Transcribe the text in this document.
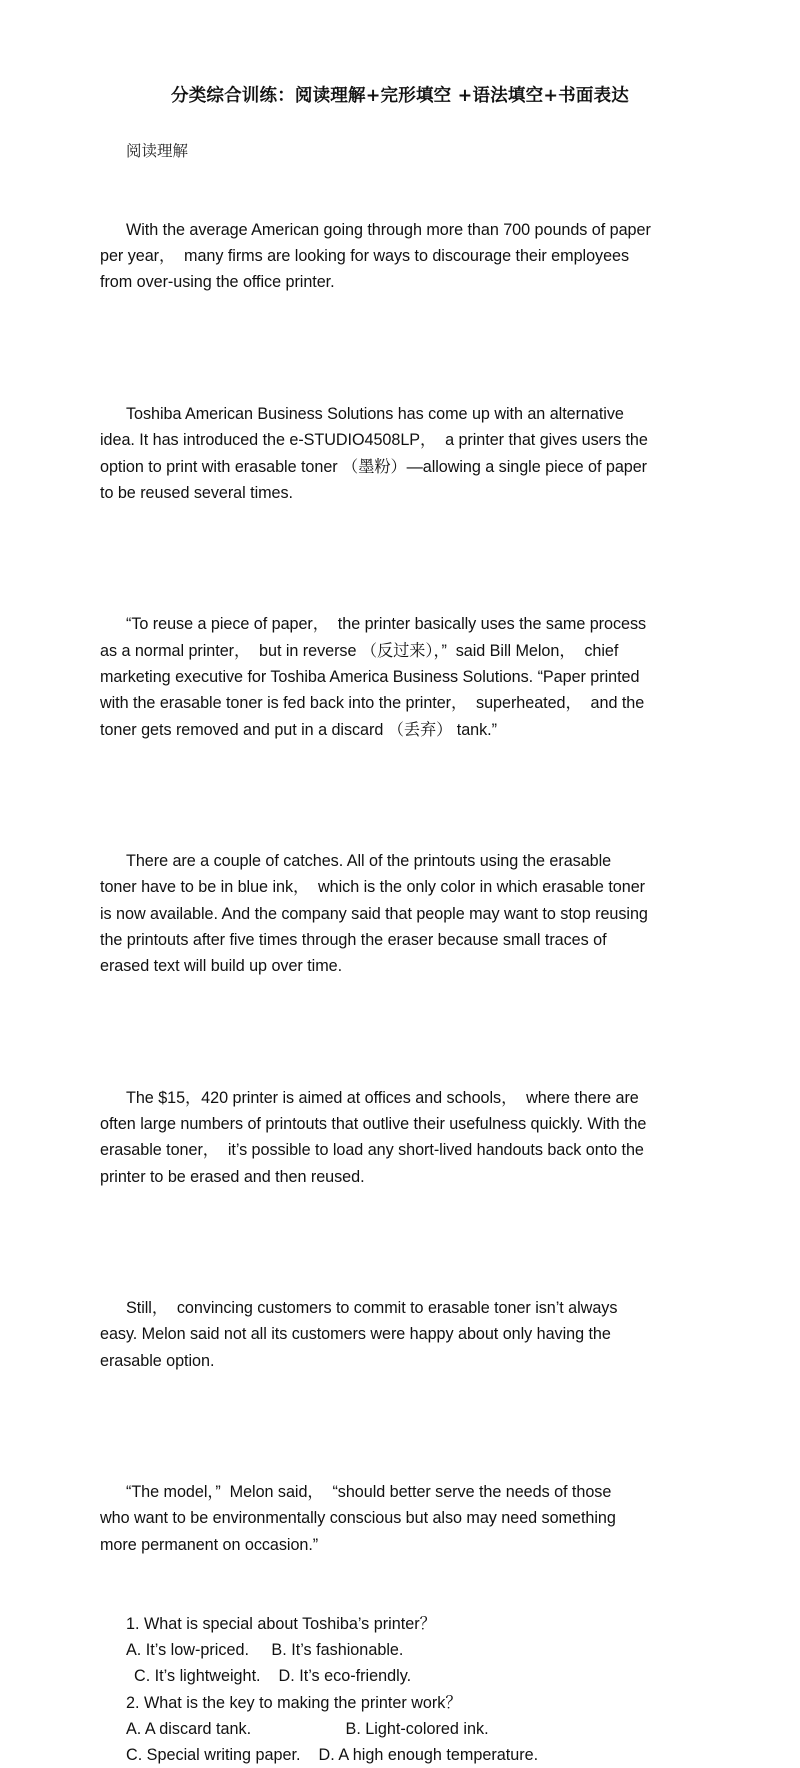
分类综合训练：阅读理解+完形填空 +语法填空+书面表达
阅读理解

With the average American going through more than 700 pounds of paper
per year，  many firms are looking for ways to discourage their employees
from over-using the office printer.

Toshiba American Business Solutions has come up with an alternative
idea. It has introduced the e-STUDIO4508LP，  a printer that gives users the
option to print with erasable toner （墨粉）—allowing a single piece of paper
to be reused several times.

“To reuse a piece of paper，  the printer basically uses the same process
as a normal printer，  but in reverse （反过来），”  said Bill Melon，  chief
marketing executive for Toshiba America Business Solutions. “Paper printed
with the erasable toner is fed back into the printer，  superheated，  and the
toner gets removed and put in a discard （丢弃） tank.”

There are a couple of catches. All of the printouts using the erasable
toner have to be in blue ink，  which is the only color in which erasable toner
is now available. And the company said that people may want to stop reusing
the printouts after five times through the eraser because small traces of
erased text will build up over time.

The $15，420 printer is aimed at offices and schools，  where there are
often large numbers of printouts that outlive their usefulness quickly. With the
erasable toner，  it’s possible to load any short-lived handouts back onto the
printer to be erased and then reused.

Still，  convincing customers to commit to erasable toner isn’t always
easy. Melon said not all its customers were happy about only having the
erasable option.

“The model，”  Melon said，  “should better serve the needs of those
who want to be environmentally conscious but also may need something
more permanent on occasion.”

1. What is special about Toshiba’s printer？

A. It’s low-priced.     B. It’s fashionable.

C. It’s lightweight.    D. It’s eco-friendly.

2. What is the key to making the printer work？

A. A discard tank.                     B. Light-colored ink.

C. Special writing paper.    D. A high enough temperature.
